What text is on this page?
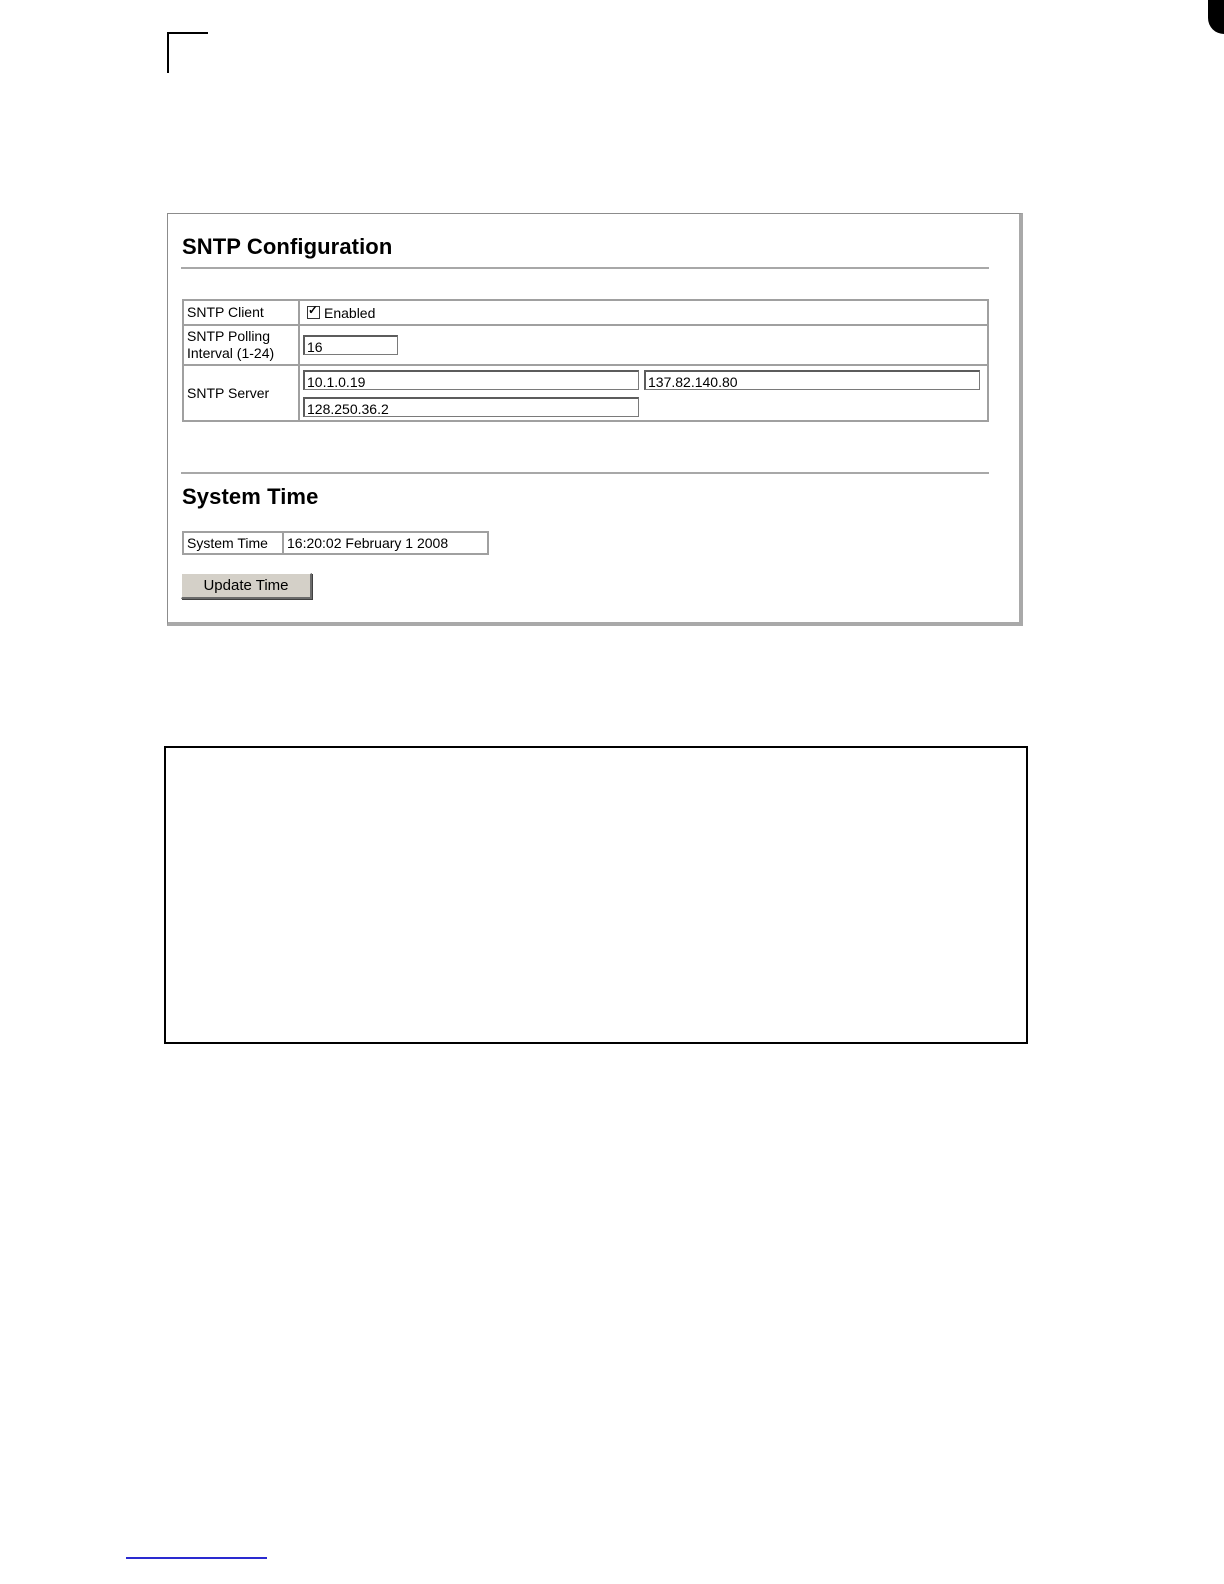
SNTP Configuration
SNTP Client	✓ Enabled

SNTP Polling
Interval (1-24)	16
SNTP Server	10.1.0.19 137.82.140.80
128.250.36.2
System Time
System Time	16:20:02 February 1 2008
Update Time
